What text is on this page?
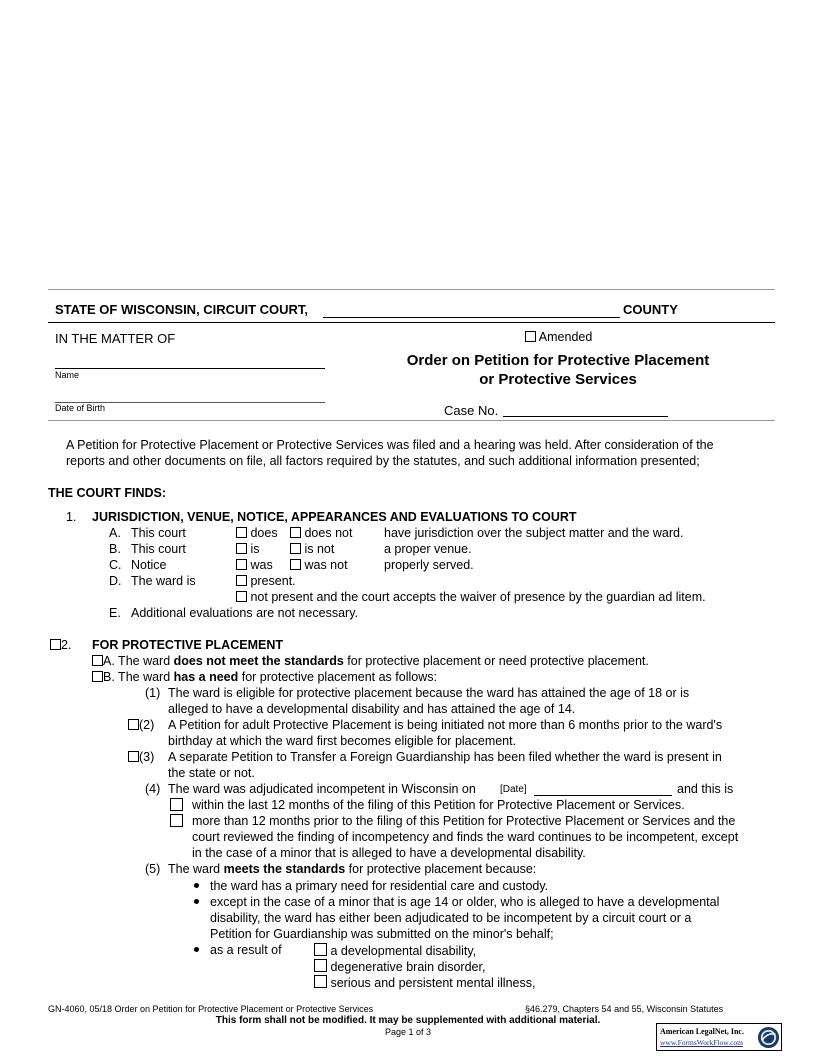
STATE OF WISCONSIN, CIRCUIT COURT,	COUNTY
IN THE MATTER OF
Name
Date of Birth
Amended
Order on Petition for Protective Placement
or Protective Services
Case No.
A Petition for Protective Placement or Protective Services was filed and a hearing was held. After consideration of the
reports and other documents on file, all factors required by the statutes, and such additional information presented;
THE COURT FINDS:
1. JURISDICTION, VENUE, NOTICE, APPEARANCES AND EVALUATIONS TO COURT
A. This court	does	does not	have jurisdiction over the subject matter and the ward.
B. This court	is	is not	a proper venue.
C. Notice	was	was not	properly served.
D. The ward is	present.
not present and the court accepts the waiver of presence by the guardian ad litem.
E. Additional evaluations are not necessary.
2. FOR PROTECTIVE PLACEMENT
A. The ward does not meet the standards for protective placement or need protective placement.
B. The ward has a need for protective placement as follows:
(1) The ward is eligible for protective placement because the ward has attained the age of 18 or is
alleged to have a developmental disability and has attained the age of 14.
(2) A Petition for adult Protective Placement is being initiated not more than 6 months prior to the ward's
birthday at which the ward first becomes eligible for placement.
(3) A separate Petition to Transfer a Foreign Guardianship has been filed whether the ward is present in
the state or not.
(4) The ward was adjudicated incompetent in Wisconsin on [Date]	and this is
within the last 12 months of the filing of this Petition for Protective Placement or Services.
more than 12 months prior to the filing of this Petition for Protective Placement or Services and the
court reviewed the finding of incompetency and finds the ward continues to be incompetent, except
in the case of a minor that is alleged to have a developmental disability.
(5) The ward meets the standards for protective placement because:
the ward has a primary need for residential care and custody.
except in the case of a minor that is age 14 or older, who is alleged to have a developmental
disability, the ward has either been adjudicated to be incompetent by a circuit court or a
Petition for Guardianship was submitted on the minor's behalf;
as a result of	a developmental disability,
degenerative brain disorder,
serious and persistent mental illness,
GN-4060, 05/18 Order on Petition for Protective Placement or Protective Services	§46.279, Chapters 54 and 55, Wisconsin Statutes
This form shall not be modified. It may be supplemented with additional material.
Page 1 of 3	American LegalNet, Inc.
www.FormsWorkFlow.com
